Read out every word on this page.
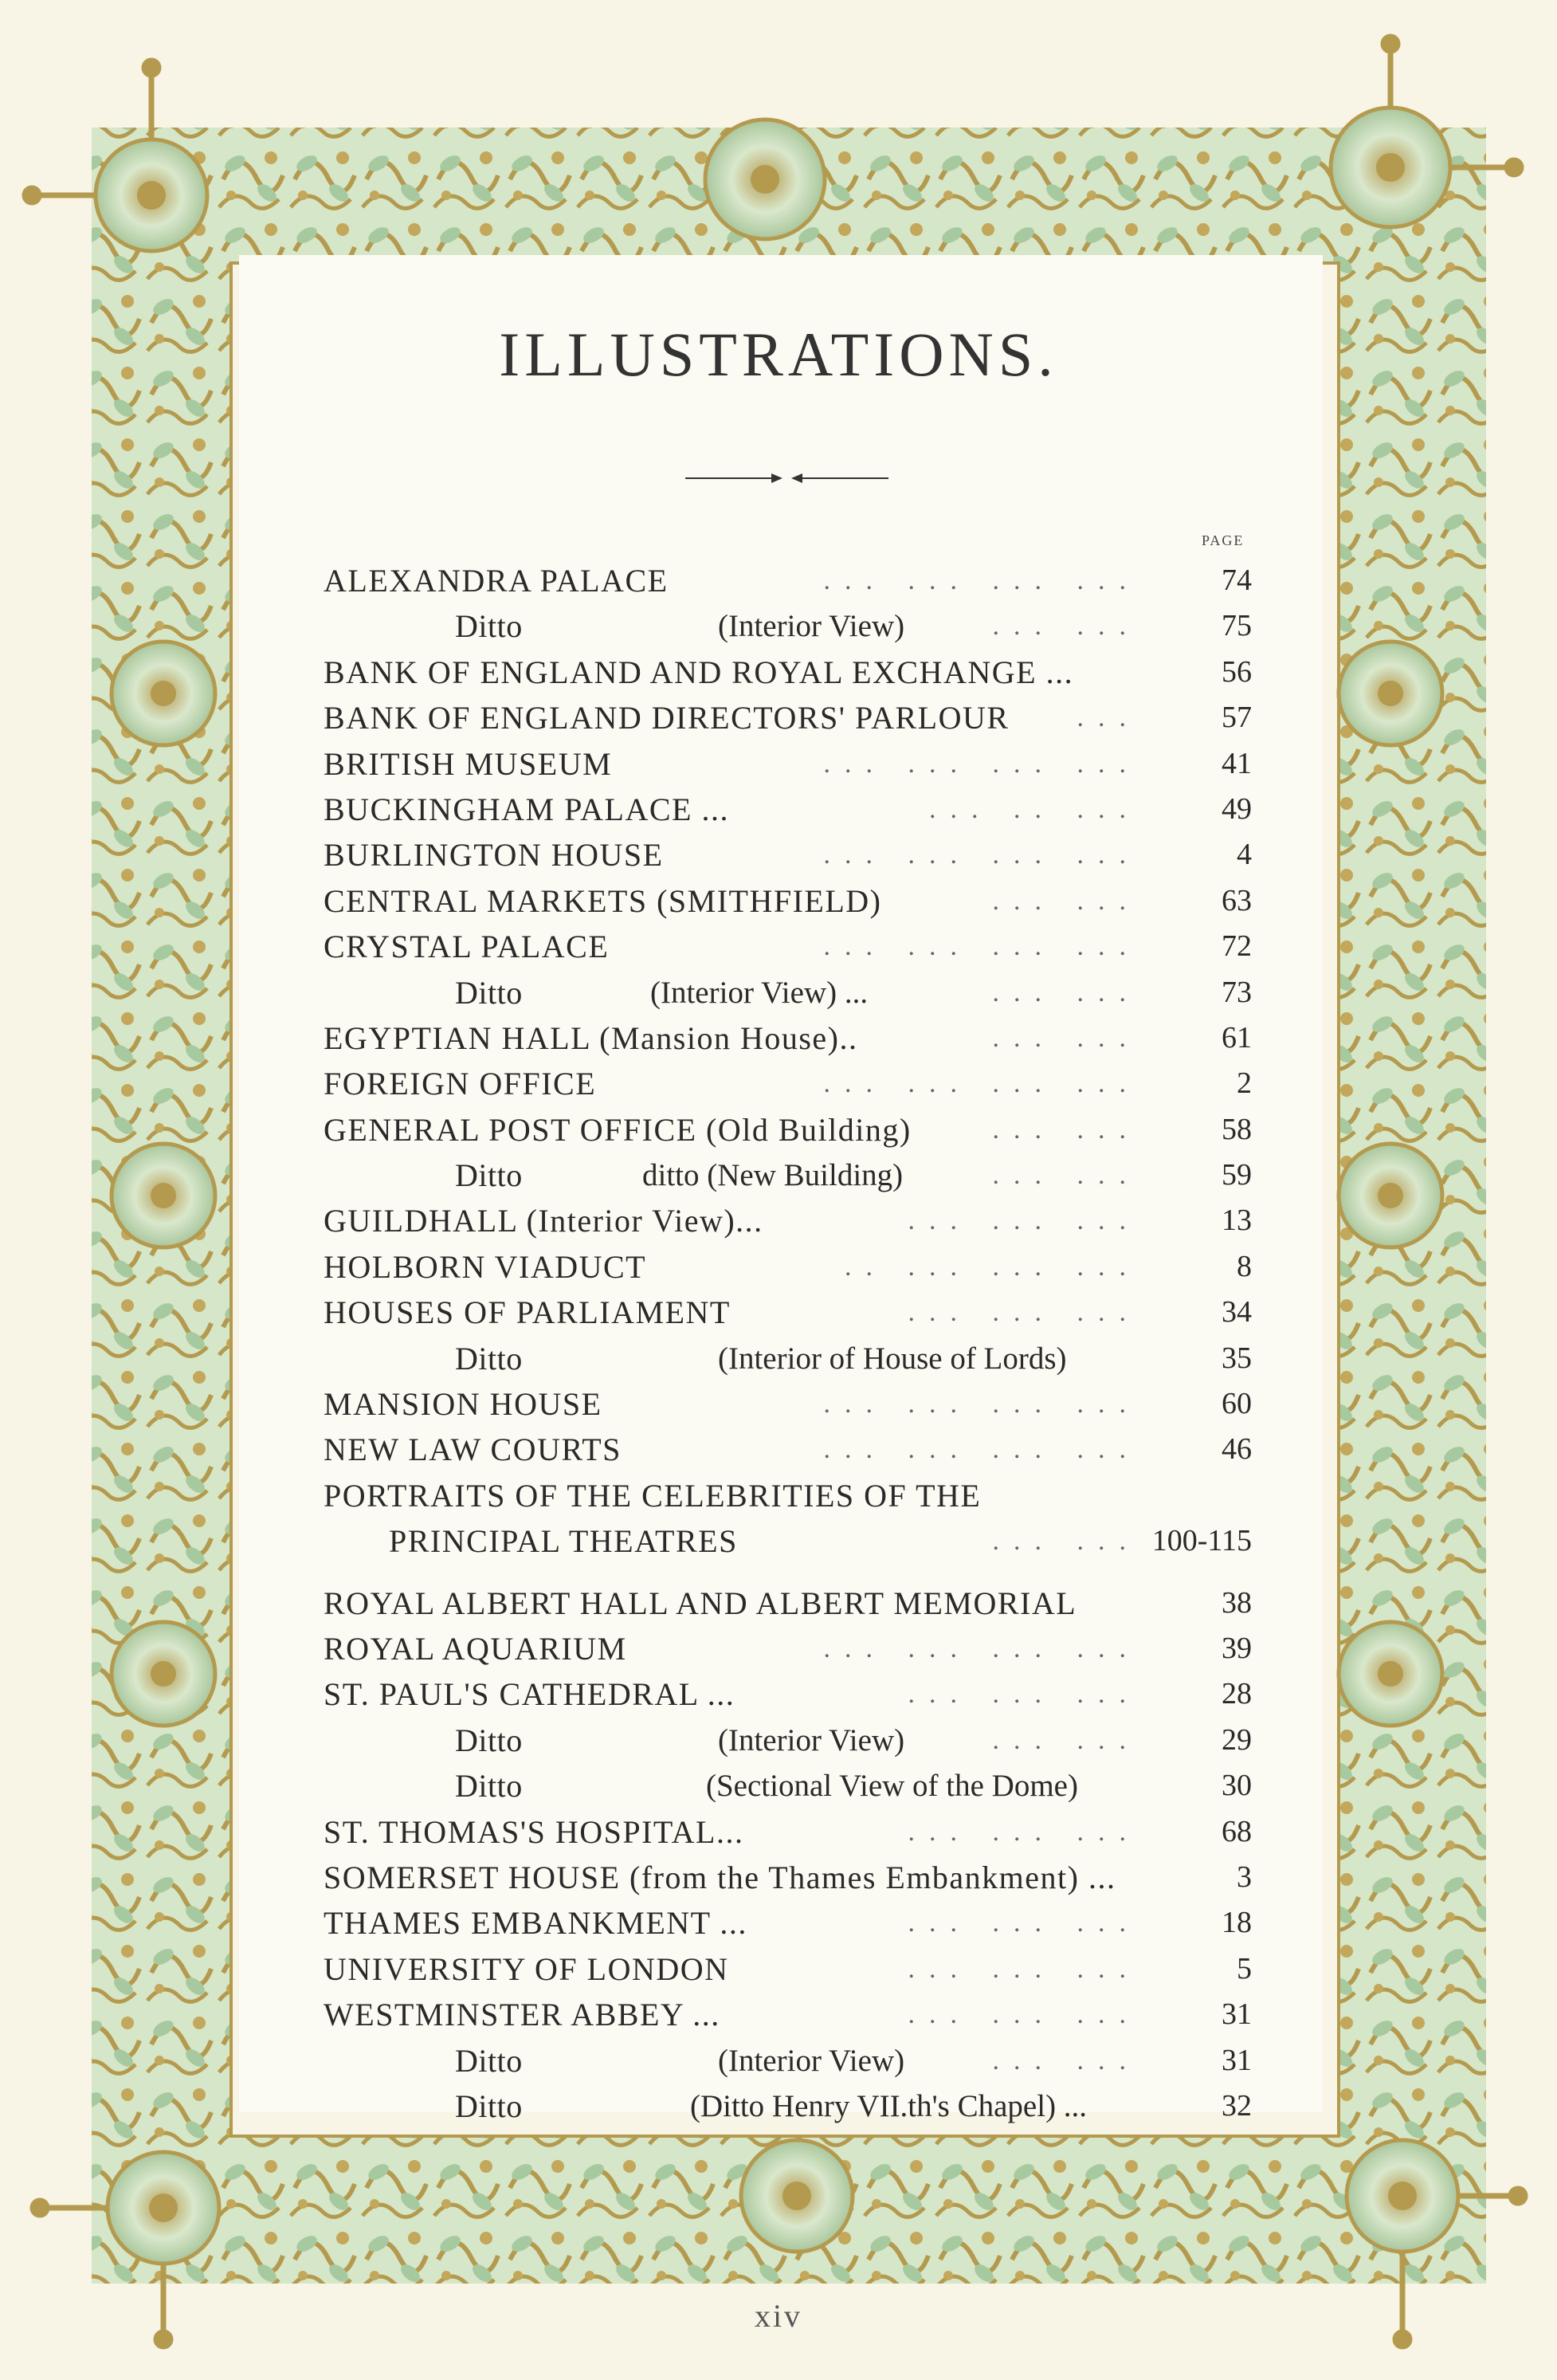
ILLUSTRATIONS.
PAGE
ALEXANDRA PALACE	... ... ... ...	74
Ditto	(Interior View)	... ...	75
BANK OF ENGLAND AND ROYAL EXCHANGE ...	56
BANK OF ENGLAND DIRECTORS' PARLOUR	...	57
BRITISH MUSEUM	... ... ... ...	41
BUCKINGHAM PALACE ...	... .. ...	49
BURLINGTON HOUSE	... ... ... ...	4
CENTRAL MARKETS (SMITHFIELD)	... ...	63
CRYSTAL PALACE	... ... ... ...	72
Ditto	(Interior View) ...	... ...	73
EGYPTIAN HALL (Mansion House)..	... ...	61
FOREIGN OFFICE	... ... ... ...	2
GENERAL POST OFFICE (Old Building)	... ...	58
Ditto	ditto (New Building)	... ...	59
GUILDHALL (Interior View)...	... ... ...	13
HOLBORN VIADUCT	.. ... ... ...	8
HOUSES OF PARLIAMENT	... ... ...	34
Ditto	(Interior of House of Lords)	35
MANSION HOUSE	... ... ... ...	60
NEW LAW COURTS	... ... ... ...	46
PORTRAITS OF THE CELEBRITIES OF THE
PRINCIPAL THEATRES	... ... 100-115
ROYAL ALBERT HALL AND ALBERT MEMORIAL	38
ROYAL AQUARIUM	... ... ... ...	39
ST. PAUL'S CATHEDRAL ...	... ... ...	28
Ditto	(Interior View)	... ...	29
Ditto	(Sectional View of the Dome)	30
ST. THOMAS'S HOSPITAL...	... ... ...	68
SOMERSET HOUSE (from the Thames Embankment) ...	3
THAMES EMBANKMENT ...	... ... ...	18
UNIVERSITY OF LONDON	... ... ...	5
WESTMINSTER ABBEY ...	... ... ...	31
Ditto	(Interior View)	... ...	31
Ditto	(Ditto Henry VII.th's Chapel) ...	32
xiv
